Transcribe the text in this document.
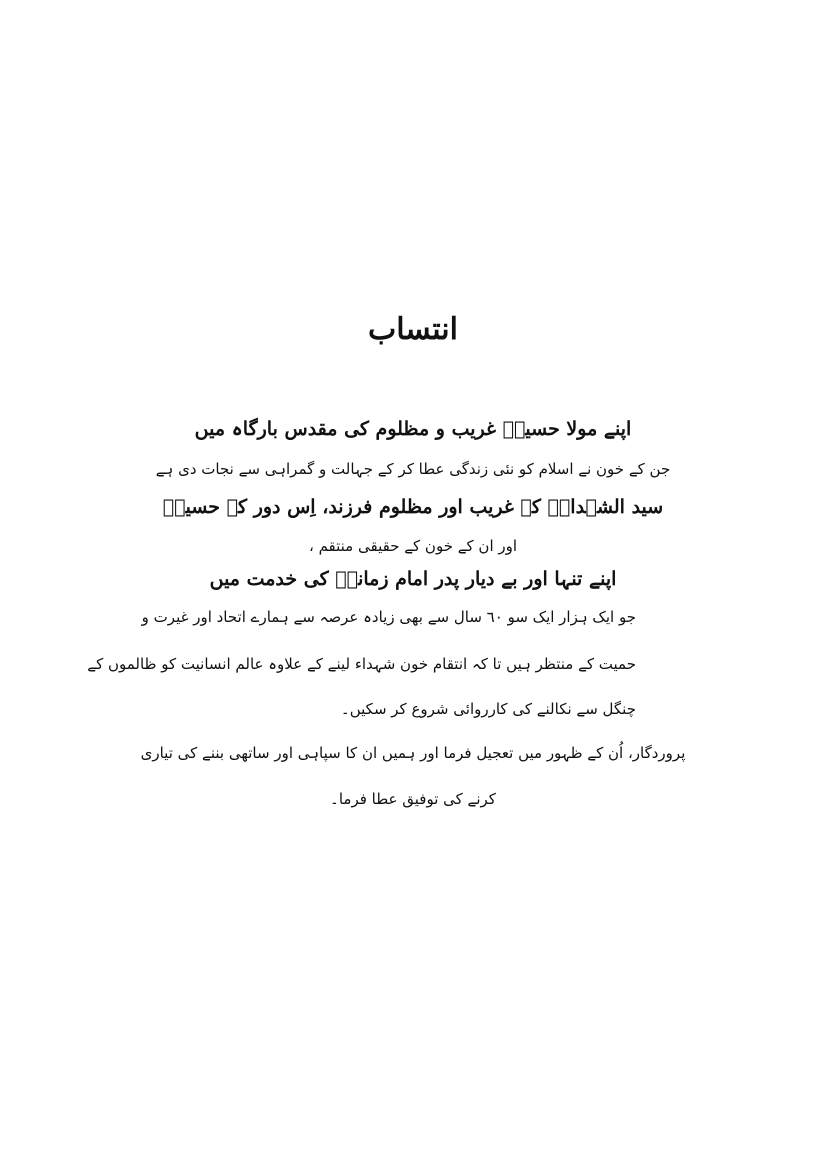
انتساب
اپنے مولا حسینؑ غریب و مظلوم کی مقدس بارگاہ میں
جن کے خون نے اسلام کو نئی زندگی عطا کر کے جہالت و گمراہی سے نجات دی ہے
سید الشہداءؑ کے غریب اور مظلوم فرزند، اِس دور کے حسینؑ
اور ان کے خون کے حقیقی منتقم ،
اپنے تنہا اور بے دیار پدر امام زمانہؑ کی خدمت میں
جو ایک ہزار ایک سو ٦٠ سال سے بھی زیادہ عرصہ سے ہمارے اتحاد اور غیرت و
حمیت کے منتظر ہیں تا کہ انتقام خون شہداء لینے کے علاوہ عالم انسانیت کو ظالموں کے
چنگل سے نکالنے کی کارروائی شروع کر سکیں۔
پروردگار، اُن کے ظہور میں تعجیل فرما اور ہمیں ان کا سپاہی اور ساتھی بننے کی تیاری
کرنے کی توفیق عطا فرما۔
